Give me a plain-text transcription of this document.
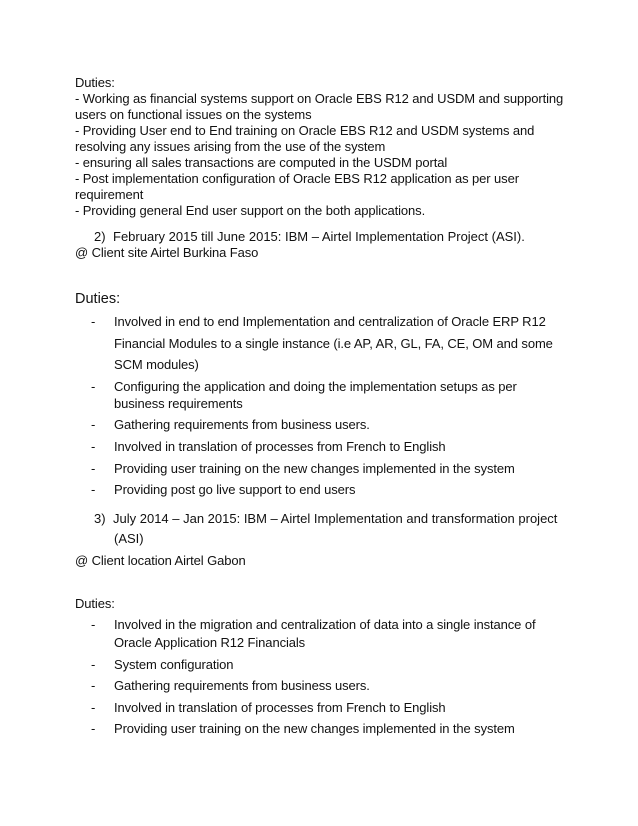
Duties:
- Working as financial systems support on Oracle EBS R12 and USDM and supporting
users on functional issues on the systems
- Providing User end to End training on Oracle EBS R12 and USDM systems and
resolving any issues arising from the use of the system
- ensuring all sales transactions are computed in the USDM portal
- Post implementation configuration of Oracle EBS R12 application as per user
requirement
- Providing general End user support on the both applications.
2) February 2015 till June 2015: IBM – Airtel Implementation Project (ASI).
@ Client site Airtel Burkina Faso
Duties:
- Involved in end to end Implementation and centralization of Oracle ERP R12
Financial Modules to a single instance (i.e AP, AR, GL, FA, CE, OM and some
SCM modules)
- Configuring the application and doing the implementation setups as per
business requirements
- Gathering requirements from business users.
- Involved in translation of processes from French to English
- Providing user training on the new changes implemented in the system
- Providing post go live support to end users
3) July 2014 – Jan 2015: IBM – Airtel Implementation and transformation project
(ASI)
@ Client location Airtel Gabon
Duties:
- Involved in the migration and centralization of data into a single instance of
Oracle Application R12 Financials
- System configuration
- Gathering requirements from business users.
- Involved in translation of processes from French to English
- Providing user training on the new changes implemented in the system
